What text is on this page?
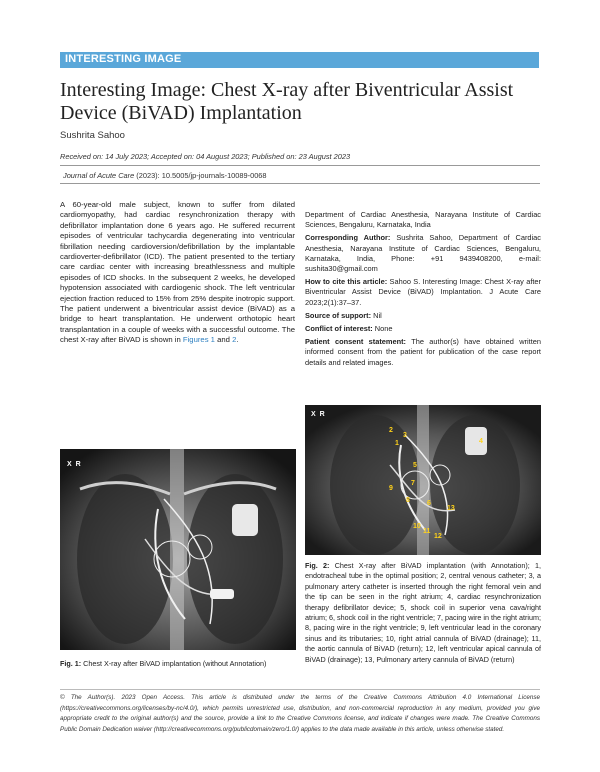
INTERESTING IMAGE
Interesting Image: Chest X-ray after Biventricular Assist Device (BiVAD) Implantation
Sushrita Sahoo
Received on: 14 July 2023; Accepted on: 04 August 2023; Published on: 23 August 2023
Journal of Acute Care (2023): 10.5005/jp-journals-10089-0068

A 60-year-old male subject, known to suffer from dilated cardiomyopathy, had cardiac resynchronization therapy with defibrillator implantation done 6 years ago. He suffered recurrent episodes of ventricular tachycardia degenerating into ventricular fibrillation needing cardioversion/defibrillation by the implantable cardioverter-defibrillator (ICD). The patient presented to the tertiary care cardiac center with increasing breathlessness and multiple episodes of ICD shocks. In the subsequent 2 weeks, he developed hypotension associated with cardiogenic shock. The left ventricular ejection fraction reduced to 15% from 25% despite inotropic support. The patient underwent a biventricular assist device (BiVAD) as a bridge to heart transplantation. He underwent orthotopic heart transplantation in a couple of weeks with a successful outcome. The chest X-ray after BiVAD is shown in Figures 1 and 2.

Department of Cardiac Anesthesia, Narayana Institute of Cardiac Sciences, Bengaluru, Karnataka, India

Corresponding Author: Sushrita Sahoo, Department of Cardiac Anesthesia, Narayana Institute of Cardiac Sciences, Bengaluru, Karnataka, India, Phone: +91 9439408200, e-mail: sushita30@gmail.com

How to cite this article: Sahoo S. Interesting Image: Chest X-ray after Biventricular Assist Device (BiVAD) Implantation. J Acute Care 2023;2(1):37–37.

Source of support: Nil

Conflict of interest: None

Patient consent statement: The author(s) have obtained written informed consent from the patient for publication of the case report details and related images.

X R
1
2
3
4
5
6
7
8
9
10
11
12
13
Fig. 2: Chest X-ray after BiVAD implantation (with Annotation); 1, endotracheal tube in the optimal position; 2, central venous catheter; 3, a pulmonary artery catheter is inserted through the right femoral vein and the tip can be seen in the right atrium; 4, cardiac resynchronization therapy defibrillator device; 5, shock coil in superior vena cava/right atrium; 6, shock coil in the right ventricle; 7, pacing wire in the right atrium; 8, pacing wire in the right ventricle; 9, left ventricular lead in the coronary sinus and its tributaries; 10, right atrial cannula of BiVAD (drainage); 11, the aortic cannula of BiVAD (return); 12, left ventricular apical cannula of BiVAD (drainage); 13, Pulmonary artery cannula of BiVAD (return)
X R
Fig. 1: Chest X-ray after BiVAD implantation (without Annotation)
© The Author(s). 2023 Open Access. This article is distributed under the terms of the Creative Commons Attribution 4.0 International License (https://creativecommons.org/licenses/by-nc/4.0/), which permits unrestricted use, distribution, and non-commercial reproduction in any medium, provided you give appropriate credit to the original author(s) and the source, provide a link to the Creative Commons license, and indicate if changes were made. The Creative Commons Public Domain Dedication waiver (http://creativecommons.org/publicdomain/zero/1.0/) applies to the data made available in this article, unless otherwise stated.
